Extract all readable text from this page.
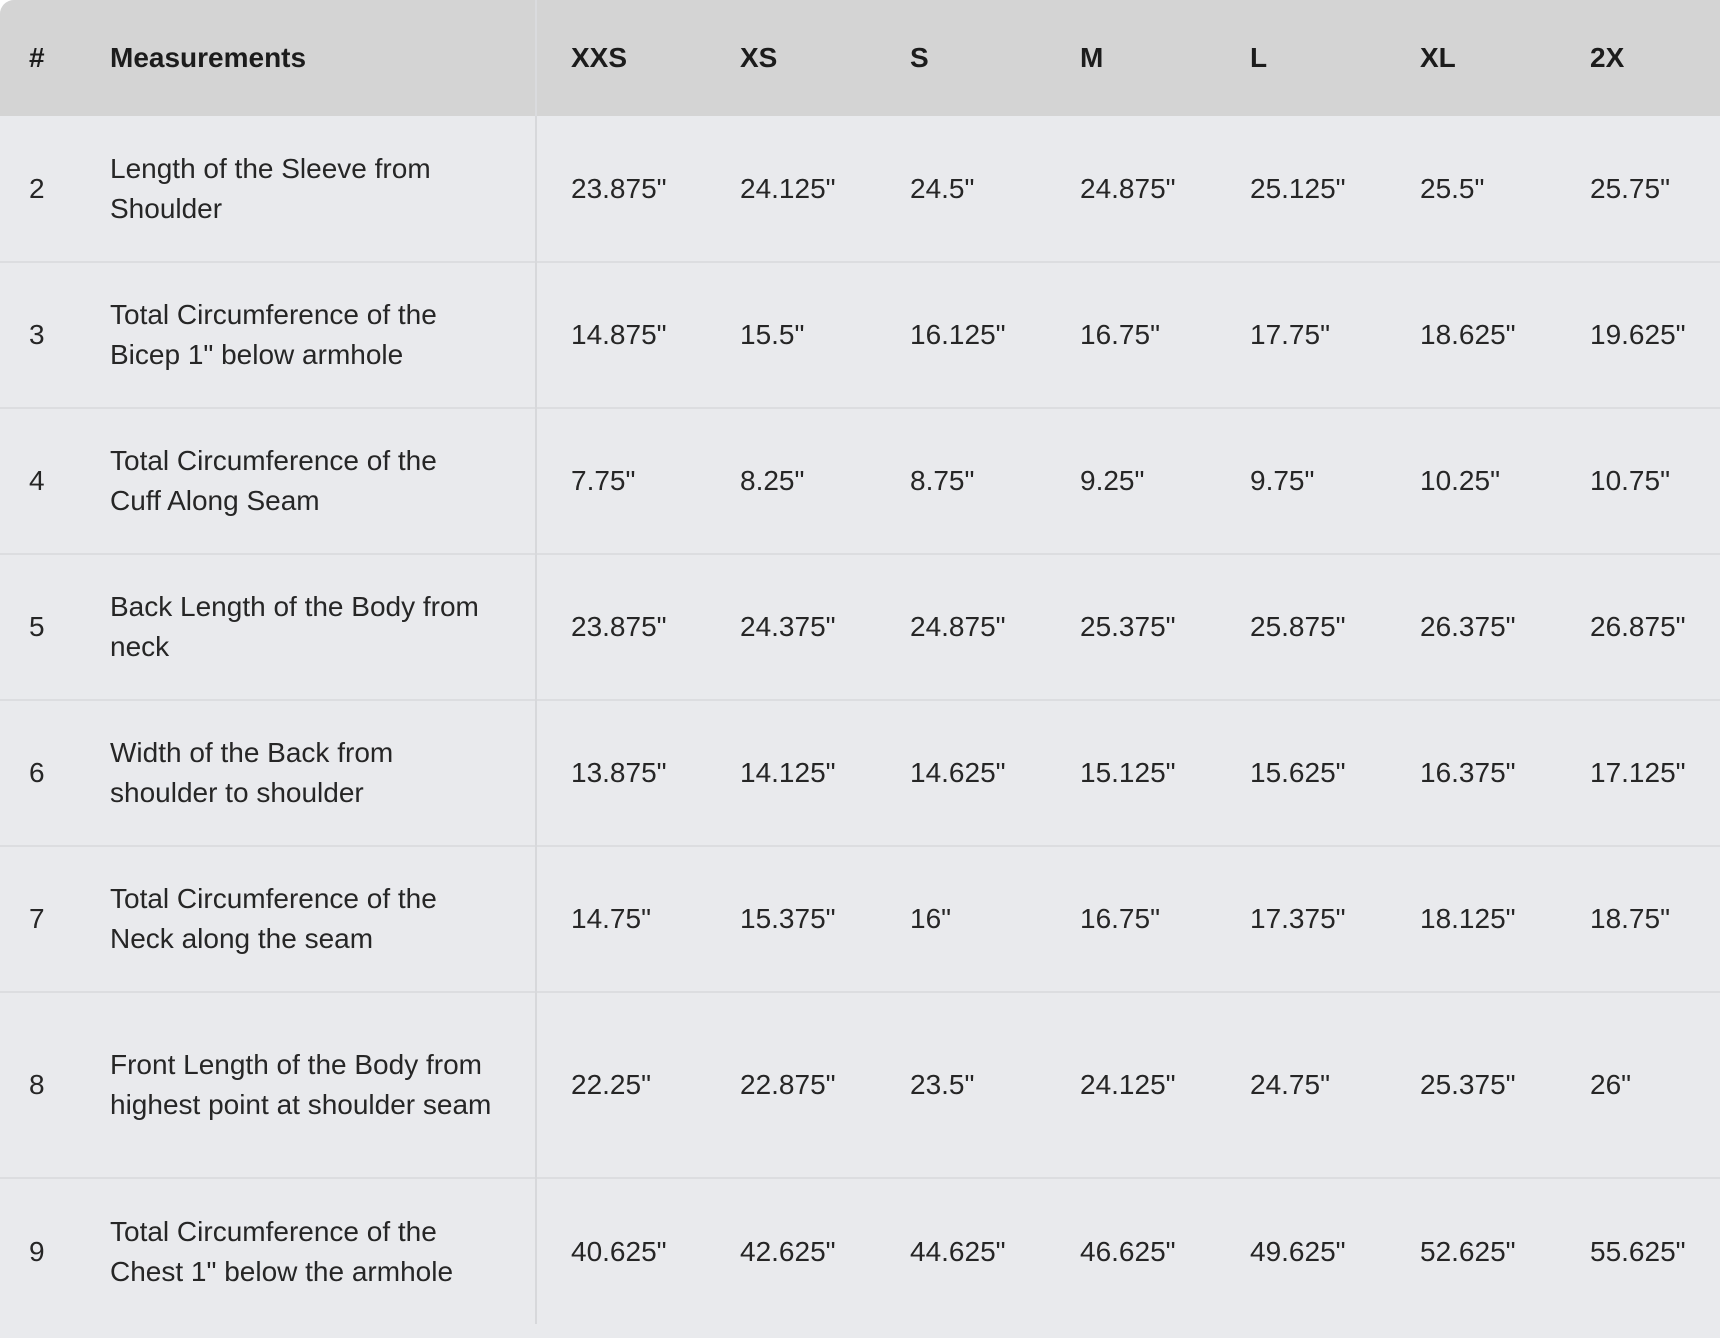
#	Measurements	XXS	XS	S	M	L	XL	2X
2	Length of the Sleeve from Shoulder	23.875"	24.125"	24.5"	24.875"	25.125"	25.5"	25.75"
3	Total Circumference of the Bicep 1" below armhole	14.875"	15.5"	16.125"	16.75"	17.75"	18.625"	19.625"
4	Total Circumference of the Cuff Along Seam	7.75"	8.25"	8.75"	9.25"	9.75"	10.25"	10.75"
5	Back Length of the Body from neck	23.875"	24.375"	24.875"	25.375"	25.875"	26.375"	26.875"
6	Width of the Back from shoulder to shoulder	13.875"	14.125"	14.625"	15.125"	15.625"	16.375"	17.125"
7	Total Circumference of the Neck along the seam	14.75"	15.375"	16"	16.75"	17.375"	18.125"	18.75"
8	Front Length of the Body from highest point at shoulder seam	22.25"	22.875"	23.5"	24.125"	24.75"	25.375"	26"
9	Total Circumference of the Chest 1" below the armhole	40.625"	42.625"	44.625"	46.625"	49.625"	52.625"	55.625"
